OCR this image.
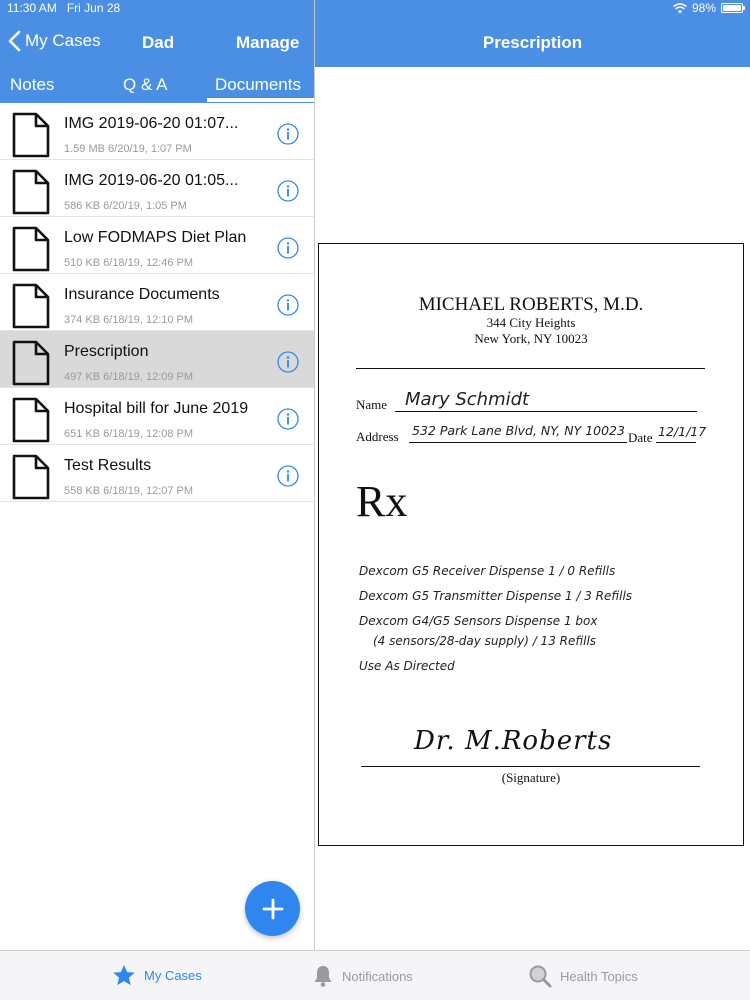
11:30 AM Fri Jun 28	98%
My Cases Dad	Manage	Prescription
Notes	Q & A	Documents
IMG 2019-06-20 01:07...
1.59 MB 6/20/19, 1:07 PM
IMG 2019-06-20 01:05...
586 KB 6/20/19, 1:05 PM
Low FODMAPS Diet Plan
510 KB 6/18/19, 12:46 PM
Insurance Documents
374 KB 6/18/19, 12:10 PM
Prescription
497 KB 6/18/19, 12:09 PM
Hospital bill for June 2019
651 KB 6/18/19, 12:08 PM
Test Results
558 KB 6/18/19, 12:07 PM
MICHAEL ROBERTS, M.D.
344 City Heights
New York, NY 10023
Name Mary Schmidt
Address 532 Park Lane Blvd, NY, NY 10023 Date 12/1/17
Rx
Dexcom G5 Receiver Dispense 1 / 0 Refills
Dexcom G5 Transmitter Dispense 1 / 3 Refills
Dexcom G4/G5 Sensors Dispense 1 box
(4 sensors/28-day supply) / 13 Refills
Use As Directed
Dr. M.Roberts
(Signature)
My Cases	Notifications	Health Topics
